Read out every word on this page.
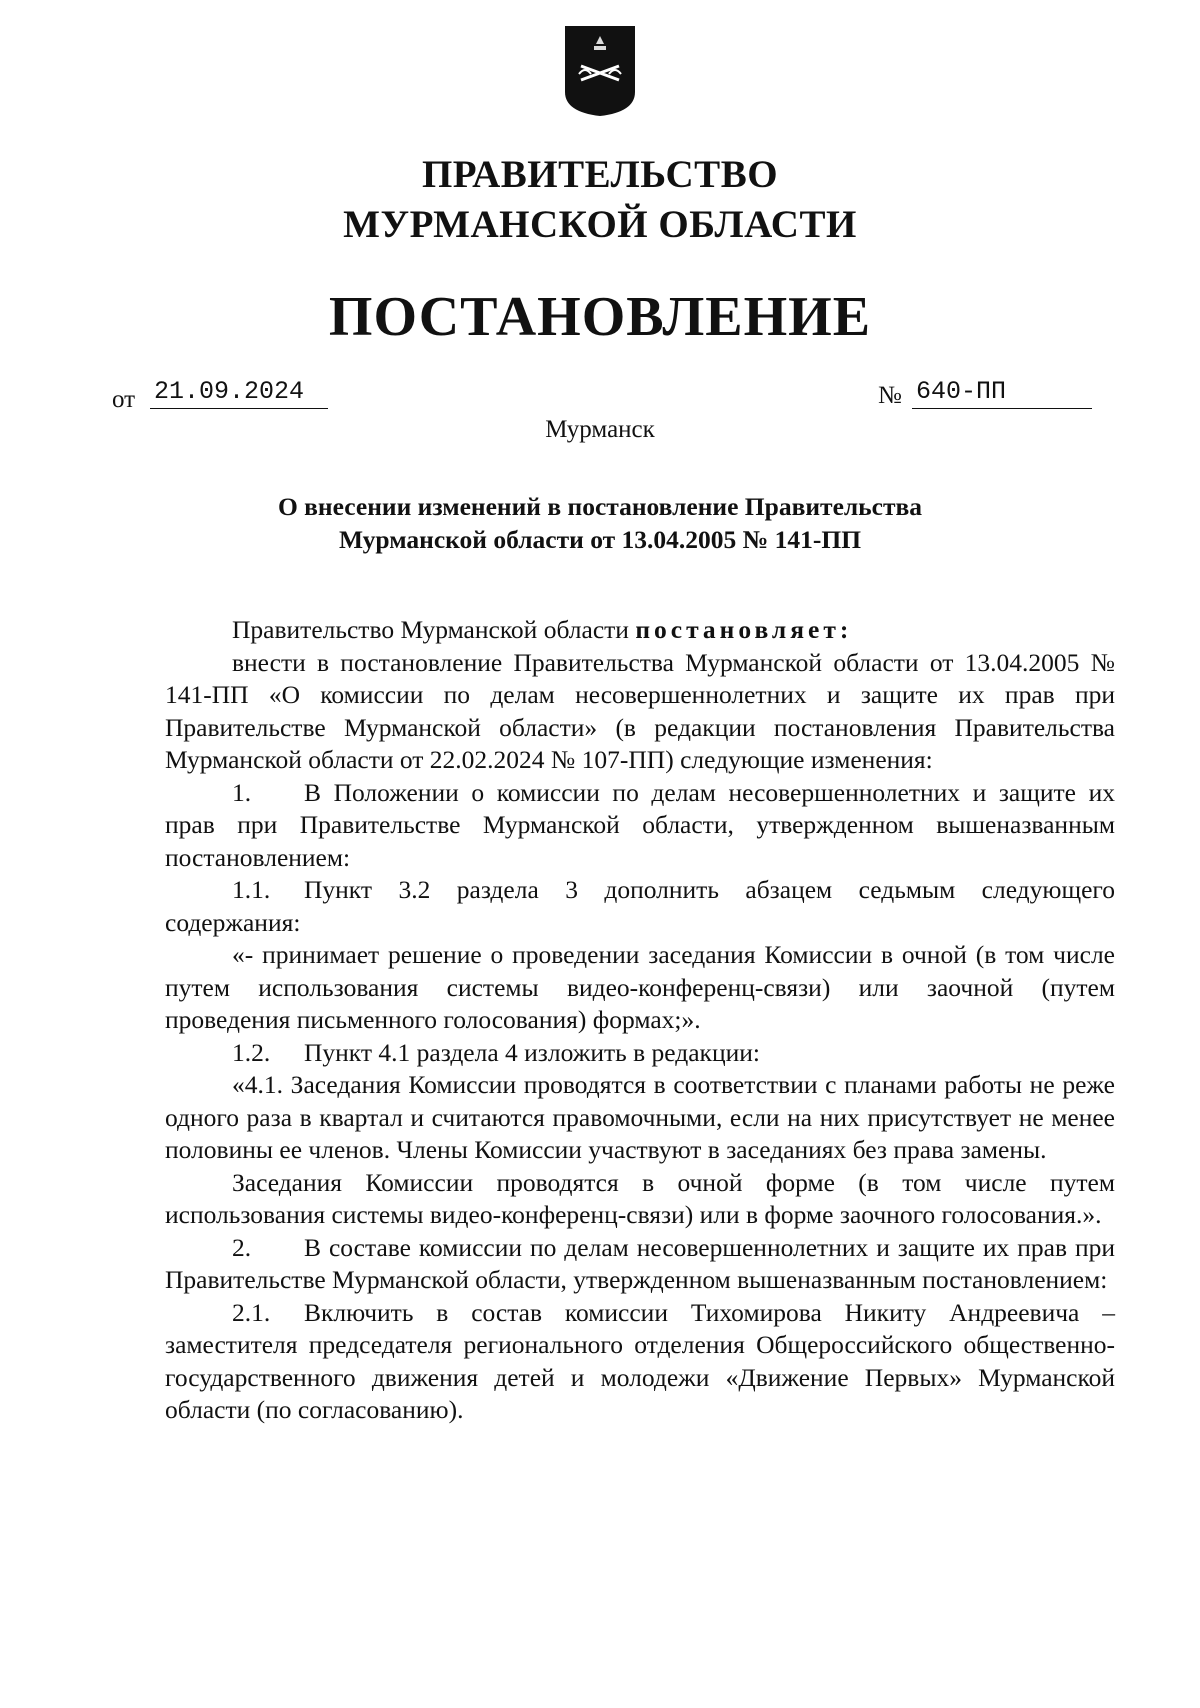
ПРАВИТЕЛЬСТВО
МУРМАНСКОЙ ОБЛАСТИ
ПОСТАНОВЛЕНИЕ
от 21.09.2024	№ 640-ПП
Мурманск
О внесении изменений в постановление Правительства
Мурманской области от 13.04.2005 № 141-ПП

Правительство Мурманской области постановляет:

внести в постановление Правительства Мурманской области от 13.04.2005 № 141-ПП «О комиссии по делам несовершеннолетних и защите их прав при Правительстве Мурманской области» (в редакции постановления Правительства Мурманской области от 22.02.2024 № 107-ПП) следующие изменения:

1. В Положении о комиссии по делам несовершеннолетних и защите их прав при Правительстве Мурманской области, утвержденном вышеназванным постановлением:

1.1. Пункт 3.2 раздела 3 дополнить абзацем седьмым следующего содержания:

«- принимает решение о проведении заседания Комиссии в очной (в том числе путем использования системы видео-конференц-связи) или заочной (путем проведения письменного голосования) формах;».

1.2. Пункт 4.1 раздела 4 изложить в редакции:

«4.1. Заседания Комиссии проводятся в соответствии с планами работы не реже одного раза в квартал и считаются правомочными, если на них присутствует не менее половины ее членов. Члены Комиссии участвуют в заседаниях без права замены.

Заседания Комиссии проводятся в очной форме (в том числе путем использования системы видео-конференц-связи) или в форме заочного голосования.».

2. В составе комиссии по делам несовершеннолетних и защите их прав при Правительстве Мурманской области, утвержденном вышеназванным постановлением:

2.1. Включить в состав комиссии Тихомирова Никиту Андреевича – заместителя председателя регионального отделения Общероссийского общественно-государственного движения детей и молодежи «Движение Первых» Мурманской области (по согласованию).
